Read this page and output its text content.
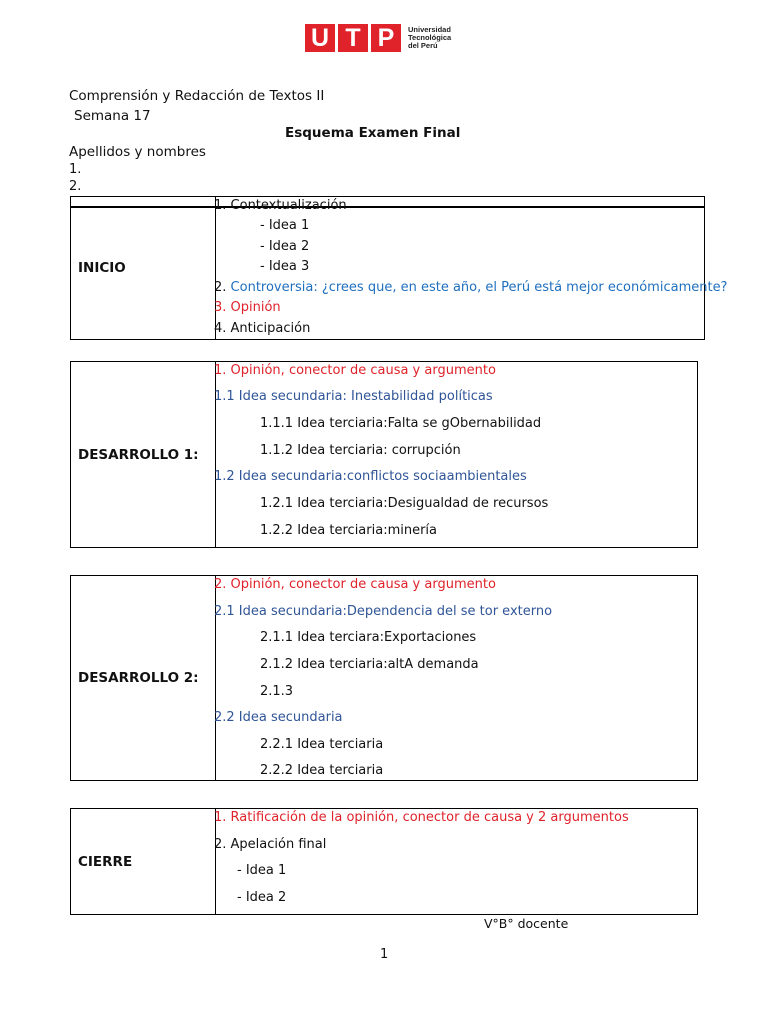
U T P	Universidad
Tecnológica
del Perú
Comprensión y Redacción de Textos II
Semana 17
Esquema Examen Final
Apellidos y nombres
1.
2.
INICIO	
1. Contextualización
- Idea 1
- Idea 2
- Idea 3
2. Controversia: ¿crees que, en este año, el Perú está mejor económicamente?
3. Opinión
4. Anticipación
DESARROLLO 1:	
1. Opinión, conector de causa y argumento
1.1 Idea secundaria: Inestabilidad políticas
1.1.1 Idea terciaria:Falta se gObernabilidad
1.1.2 Idea terciaria: corrupción
1.2 Idea secundaria:conflictos sociaambientales
1.2.1 Idea terciaria:Desigualdad de recursos
1.2.2 Idea terciaria:minería
DESARROLLO 2:	
2. Opinión, conector de causa y argumento
2.1 Idea secundaria:Dependencia del se tor externo
2.1.1 Idea terciara:Exportaciones
2.1.2 Idea terciaria:altA demanda
2.1.3
2.2 Idea secundaria
2.2.1 Idea terciaria
2.2.2 Idea terciaria
CIERRE	
1. Ratificación de la opinión, conector de causa y 2 argumentos
2. Apelación final
- Idea 1
- Idea 2
V°B° docente
1
